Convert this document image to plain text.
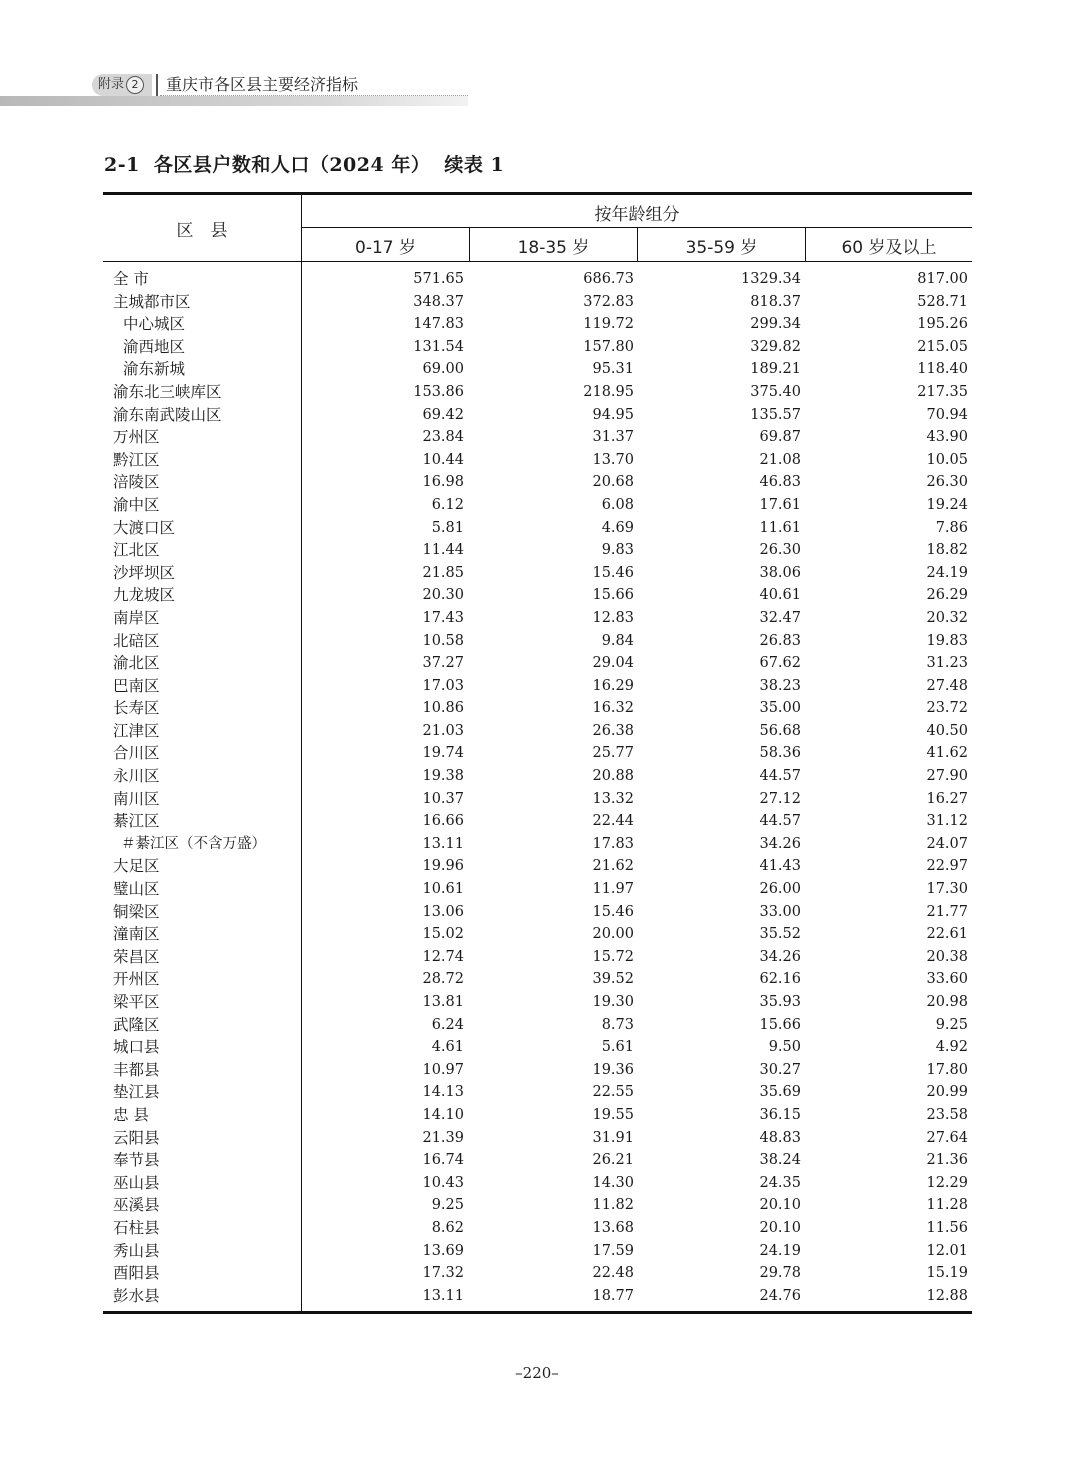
附录 2	重庆市各区县主要经济指标
2-1 各区县户数和人口（2024 年） 续表 1
区　县
按年龄组分
0-17 岁	18-35 岁	35-59 岁	60 岁及以上
全 市	571.65	686.73	1329.34	817.00
主城都市区	348.37	372.83	818.37	528.71
中心城区	147.83	119.72	299.34	195.26
渝西地区	131.54	157.80	329.82	215.05
渝东新城	69.00	95.31	189.21	118.40
渝东北三峡库区	153.86	218.95	375.40	217.35
渝东南武陵山区	69.42	94.95	135.57	70.94
万州区	23.84	31.37	69.87	43.90
黔江区	10.44	13.70	21.08	10.05
涪陵区	16.98	20.68	46.83	26.30
渝中区	6.12	6.08	17.61	19.24
大渡口区	5.81	4.69	11.61	7.86
江北区	11.44	9.83	26.30	18.82
沙坪坝区	21.85	15.46	38.06	24.19
九龙坡区	20.30	15.66	40.61	26.29
南岸区	17.43	12.83	32.47	20.32
北碚区	10.58	9.84	26.83	19.83
渝北区	37.27	29.04	67.62	31.23
巴南区	17.03	16.29	38.23	27.48
长寿区	10.86	16.32	35.00	23.72
江津区	21.03	26.38	56.68	40.50
合川区	19.74	25.77	58.36	41.62
永川区	19.38	20.88	44.57	27.90
南川区	10.37	13.32	27.12	16.27
綦江区	16.66	22.44	44.57	31.12
＃綦江区（不含万盛）	13.11	17.83	34.26	24.07
大足区	19.96	21.62	41.43	22.97
璧山区	10.61	11.97	26.00	17.30
铜梁区	13.06	15.46	33.00	21.77
潼南区	15.02	20.00	35.52	22.61
荣昌区	12.74	15.72	34.26	20.38
开州区	28.72	39.52	62.16	33.60
梁平区	13.81	19.30	35.93	20.98
武隆区	6.24	8.73	15.66	9.25
城口县	4.61	5.61	9.50	4.92
丰都县	10.97	19.36	30.27	17.80
垫江县	14.13	22.55	35.69	20.99
忠 县	14.10	19.55	36.15	23.58
云阳县	21.39	31.91	48.83	27.64
奉节县	16.74	26.21	38.24	21.36
巫山县	10.43	14.30	24.35	12.29
巫溪县	9.25	11.82	20.10	11.28
石柱县	8.62	13.68	20.10	11.56
秀山县	13.69	17.59	24.19	12.01
酉阳县	17.32	22.48	29.78	15.19
彭水县	13.11	18.77	24.76	12.88
–220–
